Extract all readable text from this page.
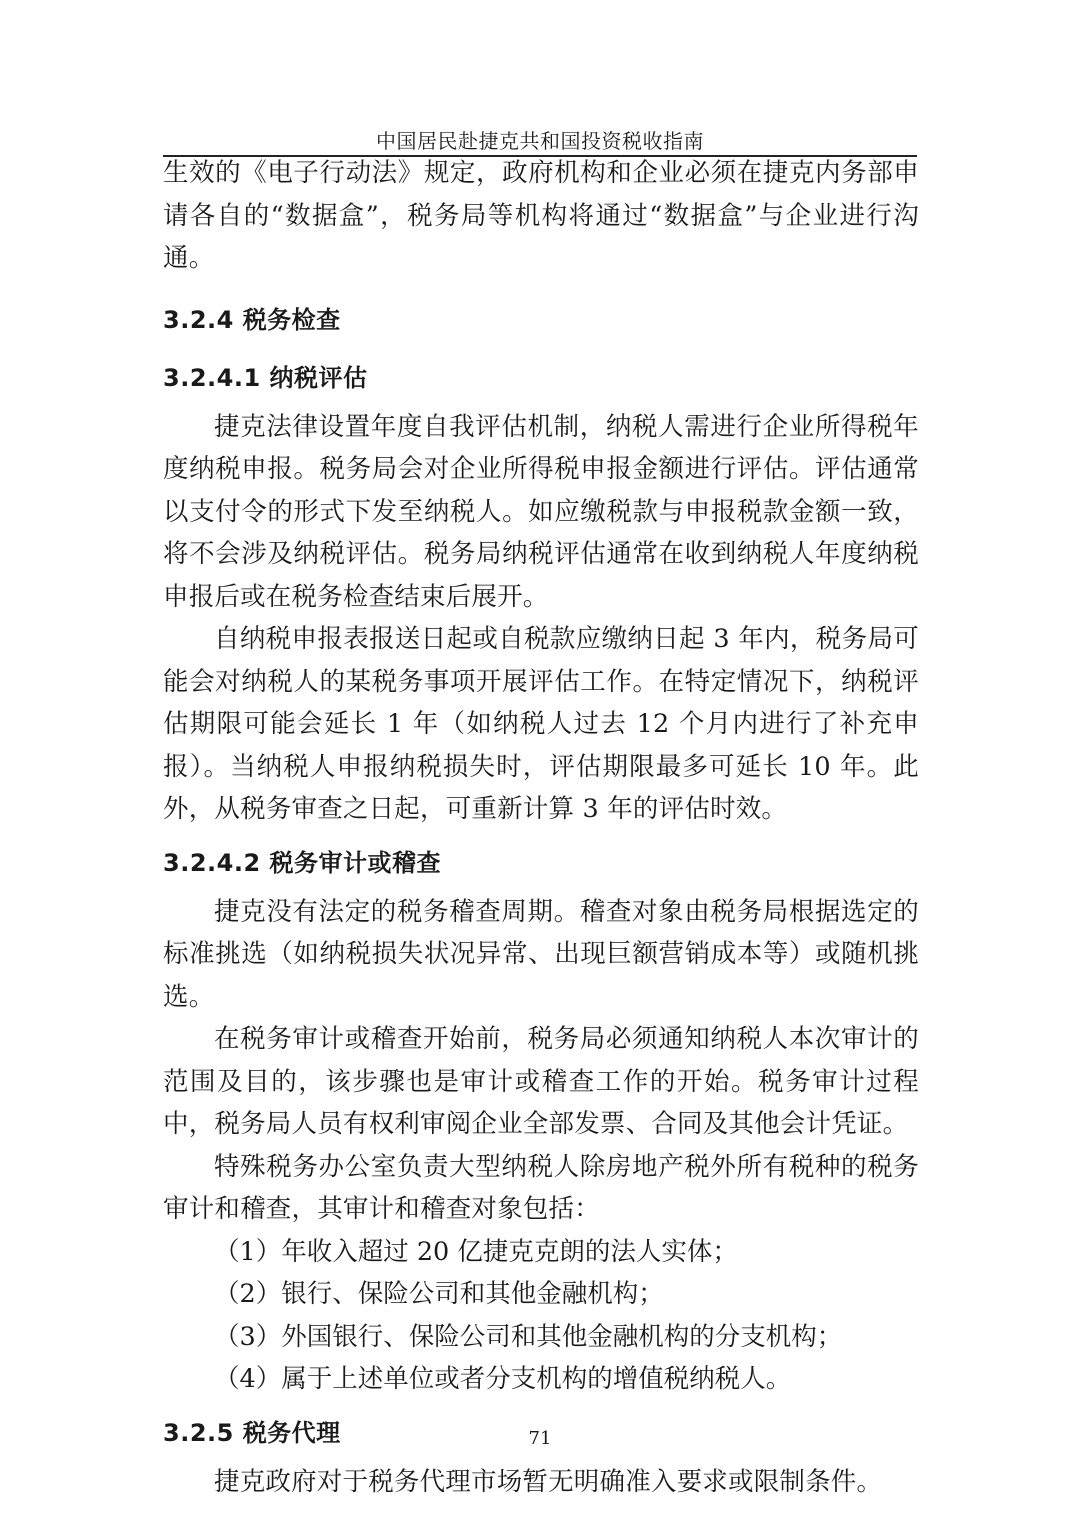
中国居民赴捷克共和国投资税收指南

生效的《电子行动法》规定，政府机构和企业必须在捷克内务部申请各自的“数据盒”，税务局等机构将通过“数据盒”与企业进行沟通。

3.2.4 税务检查
3.2.4.1 纳税评估

捷克法律设置年度自我评估机制，纳税人需进行企业所得税年度纳税申报。税务局会对企业所得税申报金额进行评估。评估通常以支付令的形式下发至纳税人。如应缴税款与申报税款金额一致，将不会涉及纳税评估。税务局纳税评估通常在收到纳税人年度纳税申报后或在税务检查结束后展开。

自纳税申报表报送日起或自税款应缴纳日起 3 年内，税务局可能会对纳税人的某税务事项开展评估工作。在特定情况下，纳税评估期限可能会延长 1 年（如纳税人过去 12 个月内进行了补充申报）。当纳税人申报纳税损失时，评估期限最多可延长 10 年。此外，从税务审查之日起，可重新计算 3 年的评估时效。

3.2.4.2 税务审计或稽查

捷克没有法定的税务稽查周期。稽查对象由税务局根据选定的标准挑选（如纳税损失状况异常、出现巨额营销成本等）或随机挑选。

在税务审计或稽查开始前，税务局必须通知纳税人本次审计的范围及目的，该步骤也是审计或稽查工作的开始。税务审计过程中，税务局人员有权利审阅企业全部发票、合同及其他会计凭证。

特殊税务办公室负责大型纳税人除房地产税外所有税种的税务审计和稽查，其审计和稽查对象包括：

（1）年收入超过 20 亿捷克克朗的法人实体；

（2）银行、保险公司和其他金融机构；

（3）外国银行、保险公司和其他金融机构的分支机构；

（4）属于上述单位或者分支机构的增值税纳税人。

3.2.5 税务代理

捷克政府对于税务代理市场暂无明确准入要求或限制条件。

71
